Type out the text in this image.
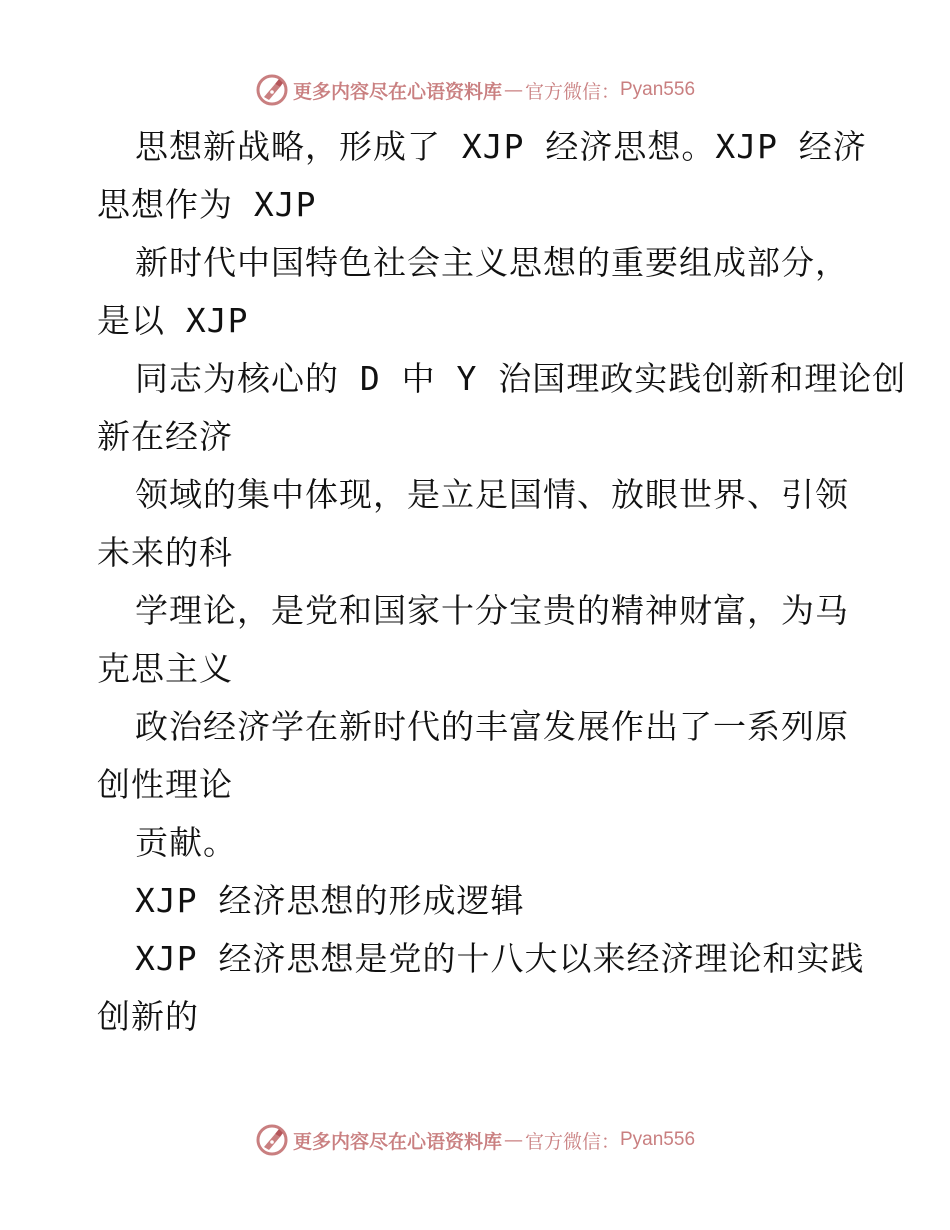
更多内容尽在心语资料库 — 官方微信： Pyan556

思想新战略，形成了 XJP 经济思想。XJP 经济

思想作为 XJP

新时代中国特色社会主义思想的重要组成部分，

是以 XJP

同志为核心的 D 中 Y 治国理政实践创新和理论创

新在经济

领域的集中体现，是立足国情、放眼世界、引领

未来的科

学理论，是党和国家十分宝贵的精神财富，为马

克思主义

政治经济学在新时代的丰富发展作出了一系列原

创性理论

贡献。

XJP 经济思想的形成逻辑

XJP 经济思想是党的十八大以来经济理论和实践

创新的

更多内容尽在心语资料库 — 官方微信： Pyan556
